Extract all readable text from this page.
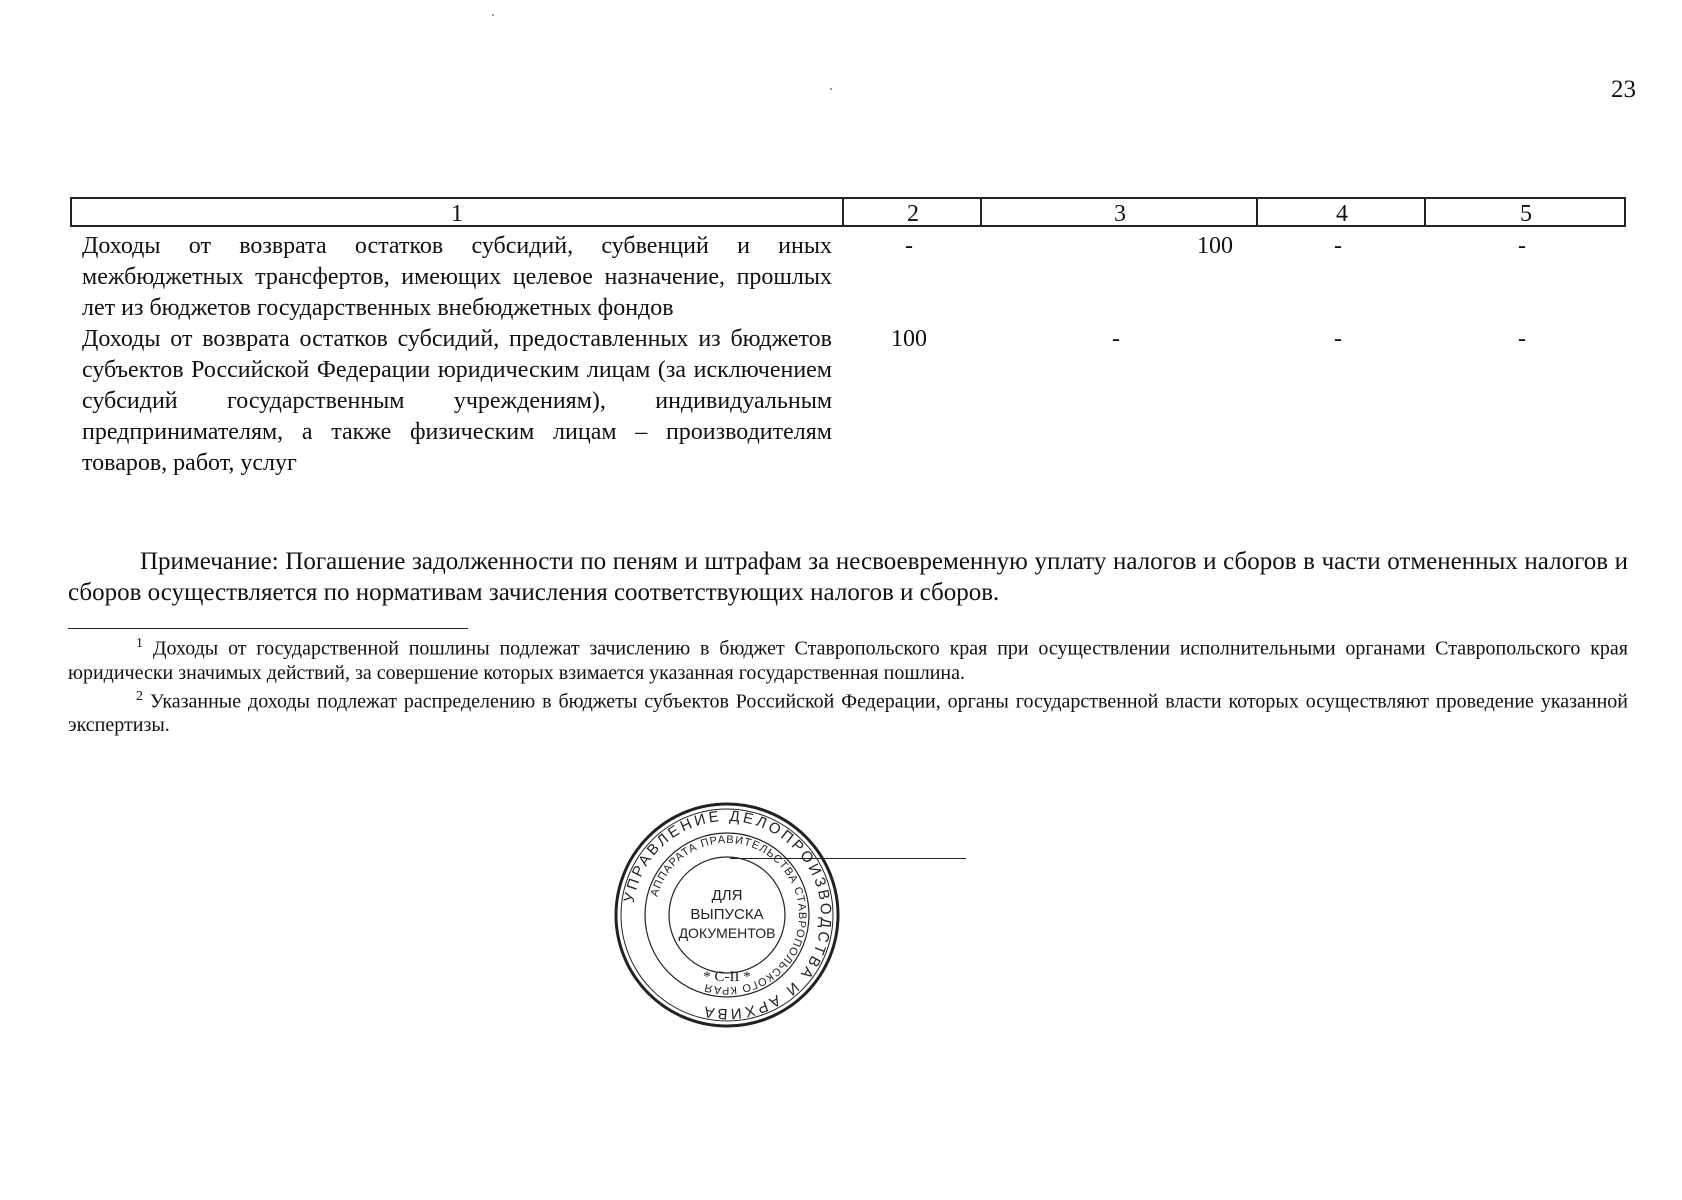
23
1	2	3	4	5
Доходы от возврата остатков субсидий, субвенций и иных межбюджетных трансфертов, имеющих целевое назначение, прошлых лет из бюджетов государственных внебюджетных фондов
-	100	-	-
Доходы от возврата остатков субсидий, предоставленных из бюджетов субъектов Российской Федерации юридическим лицам (за исключением субсидий государственным учреждениям), индивидуальным предпринимателям, а также физическим лицам – производителям товаров, работ, услуг
100	-	-	-
Примечание: Погашение задолженности по пеням и штрафам за несвоевременную уплату налогов и сборов в части отмененных налогов и сборов осуществляется по нормативам зачисления соответствующих налогов и сборов.

$^1$ Доходы от государственной пошлины подлежат зачислению в бюджет Ставропольского края при осуществлении исполнительными органами Ставропольского края юридически значимых действий, за совершение которых взимается указанная государственная пошлина.

$^2$ Указанные доходы подлежат распределению в бюджеты субъектов Российской Федерации, органы государственной власти которых осуществляют проведение указанной экспертизы.

УПРАВЛЕНИЕ ДЕЛОПРОИЗВОДСТВА И АРХИВА
АППАРАТА ПРАВИТЕЛЬСТВА СТАВРОПОЛЬСКОГО КРАЯ
ДЛЯ
ВЫПУСКА
ДОКУМЕНТОВ
* С-II *
